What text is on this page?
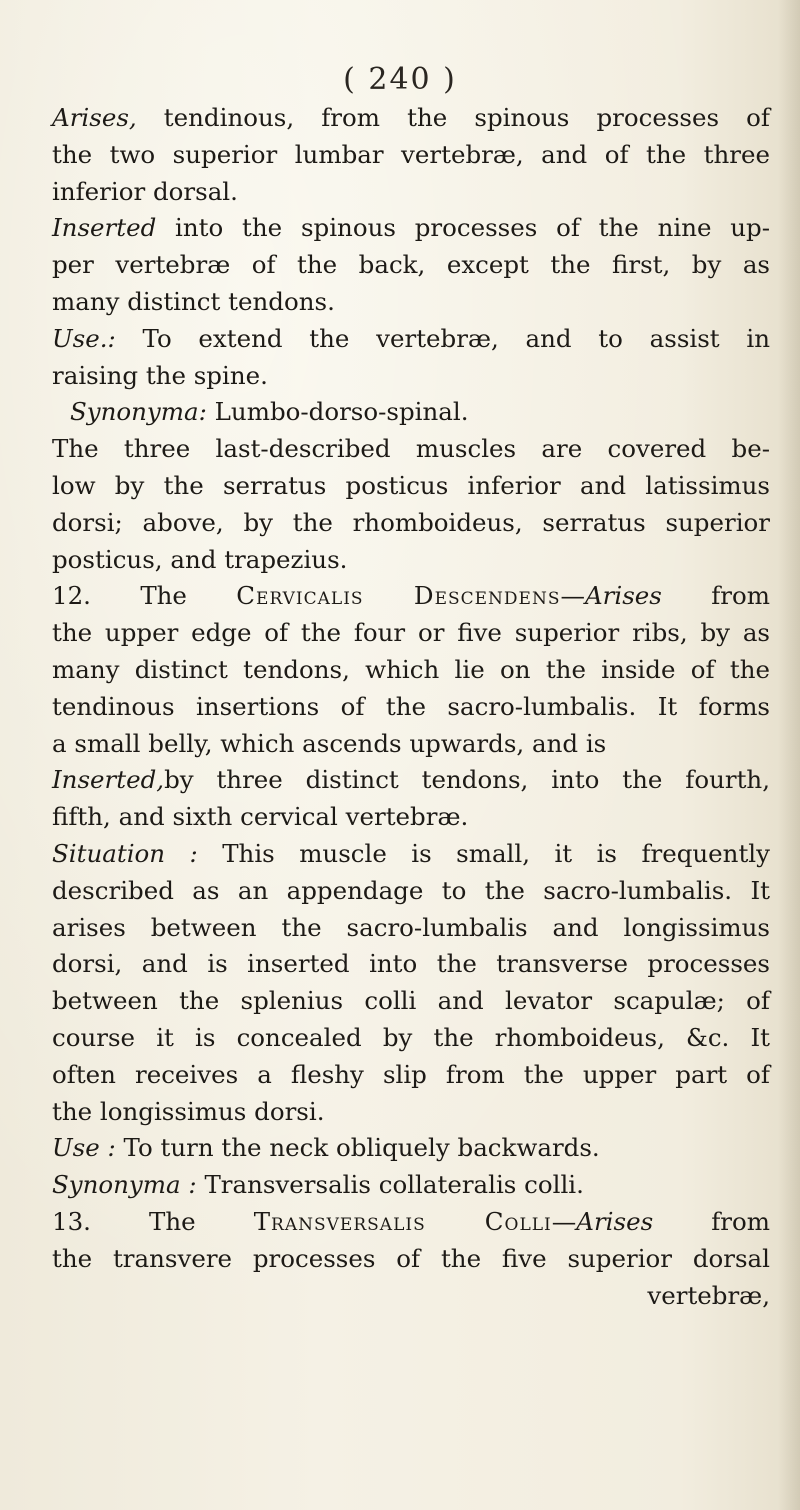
( 240 )
Arises, tendinous, from the spinous processes of
the two superior lumbar vertebræ, and of the three
inferior dorsal.
Inserted into the spinous processes of the nine up-
per vertebræ of the back, except the first, by as
many distinct tendons.
Use.: To extend the vertebræ, and to assist in
raising the spine.
Synonyma: Lumbo-dorso-spinal.
The three last-described muscles are covered be-
low by the serratus posticus inferior and latissimus
dorsi; above, by the rhomboideus, serratus superior
posticus, and trapezius.
12. The Cervicalis Descendens—Arises from
the upper edge of the four or five superior ribs, by as
many distinct tendons, which lie on the inside of the
tendinous insertions of the sacro-lumbalis. It forms
a small belly, which ascends upwards, and is
Inserted,by three distinct tendons, into the fourth,
fifth, and sixth cervical vertebræ.
Situation : This muscle is small, it is frequently
described as an appendage to the sacro-lumbalis. It
arises between the sacro-lumbalis and longissimus
dorsi, and is inserted into the transverse processes
between the splenius colli and levator scapulæ; of
course it is concealed by the rhomboideus, &c. It
often receives a fleshy slip from the upper part of
the longissimus dorsi.
Use : To turn the neck obliquely backwards.
Synonyma : Transversalis collateralis colli.
13. The Transversalis Colli—Arises from
the transvere processes of the five superior dorsal
vertebræ,
